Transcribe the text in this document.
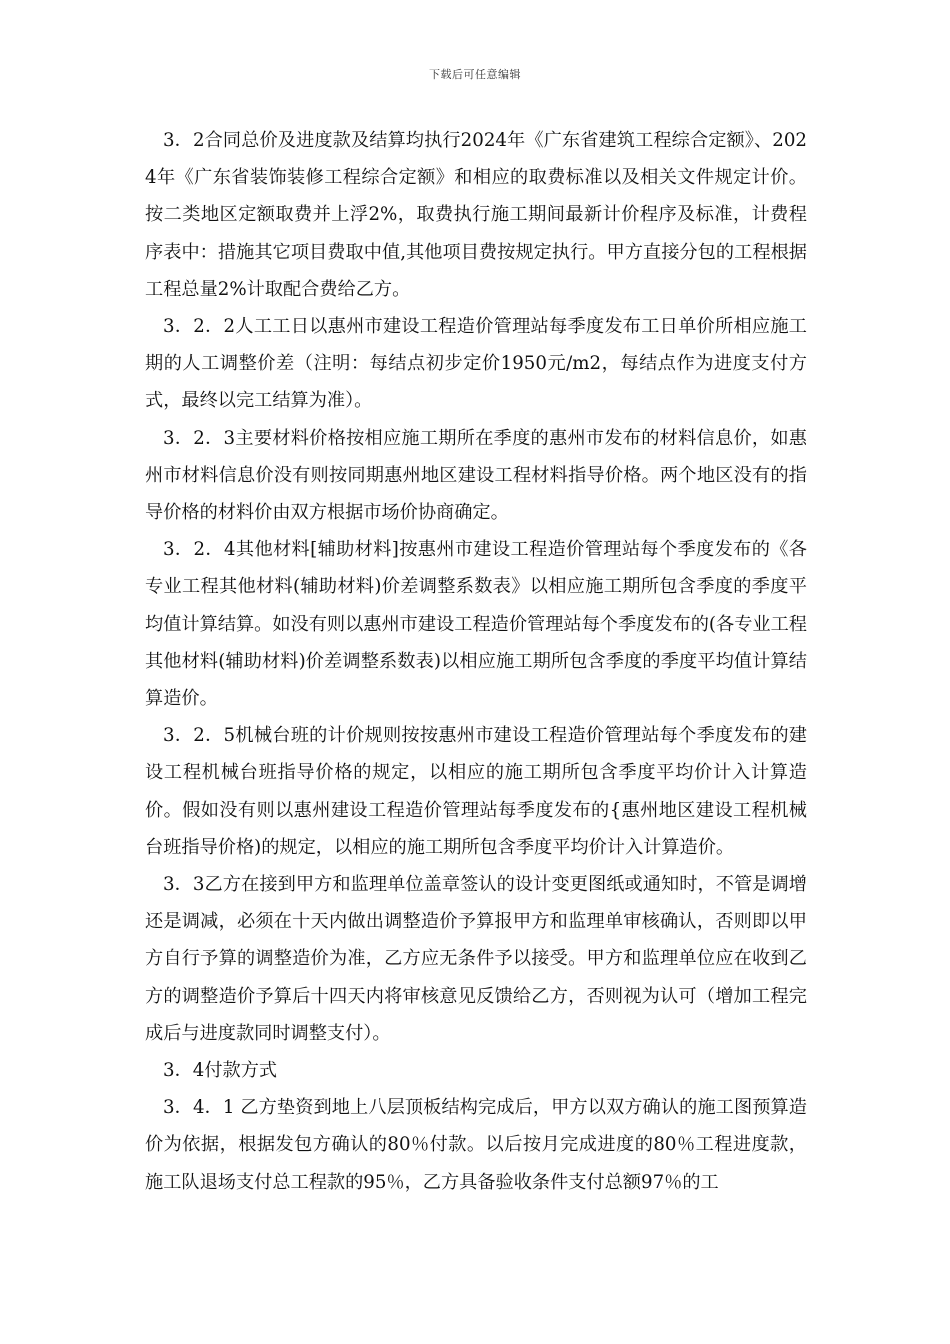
下载后可任意编辑

3．2合同总价及进度款及结算均执行2024年《广东省建筑工程综合定额》、2024年《广东省装饰装修工程综合定额》和相应的取费标准以及相关文件规定计价。按二类地区定额取费并上浮2%，取费执行施工期间最新计价程序及标准，计费程序表中：措施其它项目费取中值,其他项目费按规定执行。甲方直接分包的工程根据工程总量2%计取配合费给乙方。

3．2．2人工工日以惠州市建设工程造价管理站每季度发布工日单价所相应施工期的人工调整价差（注明：每结点初步定价1950元/m2，每结点作为进度支付方式，最终以完工结算为准）。

3．2．3主要材料价格按相应施工期所在季度的惠州市发布的材料信息价，如惠州市材料信息价没有则按同期惠州地区建设工程材料指导价格。两个地区没有的指导价格的材料价由双方根据市场价协商确定。

3．2．4其他材料[辅助材料]按惠州市建设工程造价管理站每个季度发布的《各专业工程其他材料(辅助材料)价差调整系数表》以相应施工期所包含季度的季度平均值计算结算。如没有则以惠州市建设工程造价管理站每个季度发布的(各专业工程其他材料(辅助材料)价差调整系数表)以相应施工期所包含季度的季度平均值计算结算造价。

3．2．5机械台班的计价规则按按惠州市建设工程造价管理站每个季度发布的建设工程机械台班指导价格的规定，以相应的施工期所包含季度平均价计入计算造价。假如没有则以惠州建设工程造价管理站每季度发布的{惠州地区建设工程机械台班指导价格)的规定，以相应的施工期所包含季度平均价计入计算造价。

3．3乙方在接到甲方和监理单位盖章签认的设计变更图纸或通知时，不管是调增还是调减，必须在十天内做出调整造价予算报甲方和监理单审核确认，否则即以甲方自行予算的调整造价为准，乙方应无条件予以接受。甲方和监理单位应在收到乙方的调整造价予算后十四天内将审核意见反馈给乙方，否则视为认可（增加工程完成后与进度款同时调整支付）。

3．4付款方式

3．4．1 乙方垫资到地上八层顶板结构完成后，甲方以双方确认的施工图预算造价为依据，根据发包方确认的80％付款。以后按月完成进度的80％工程进度款，施工队退场支付总工程款的95％，乙方具备验收条件支付总额97％的工
